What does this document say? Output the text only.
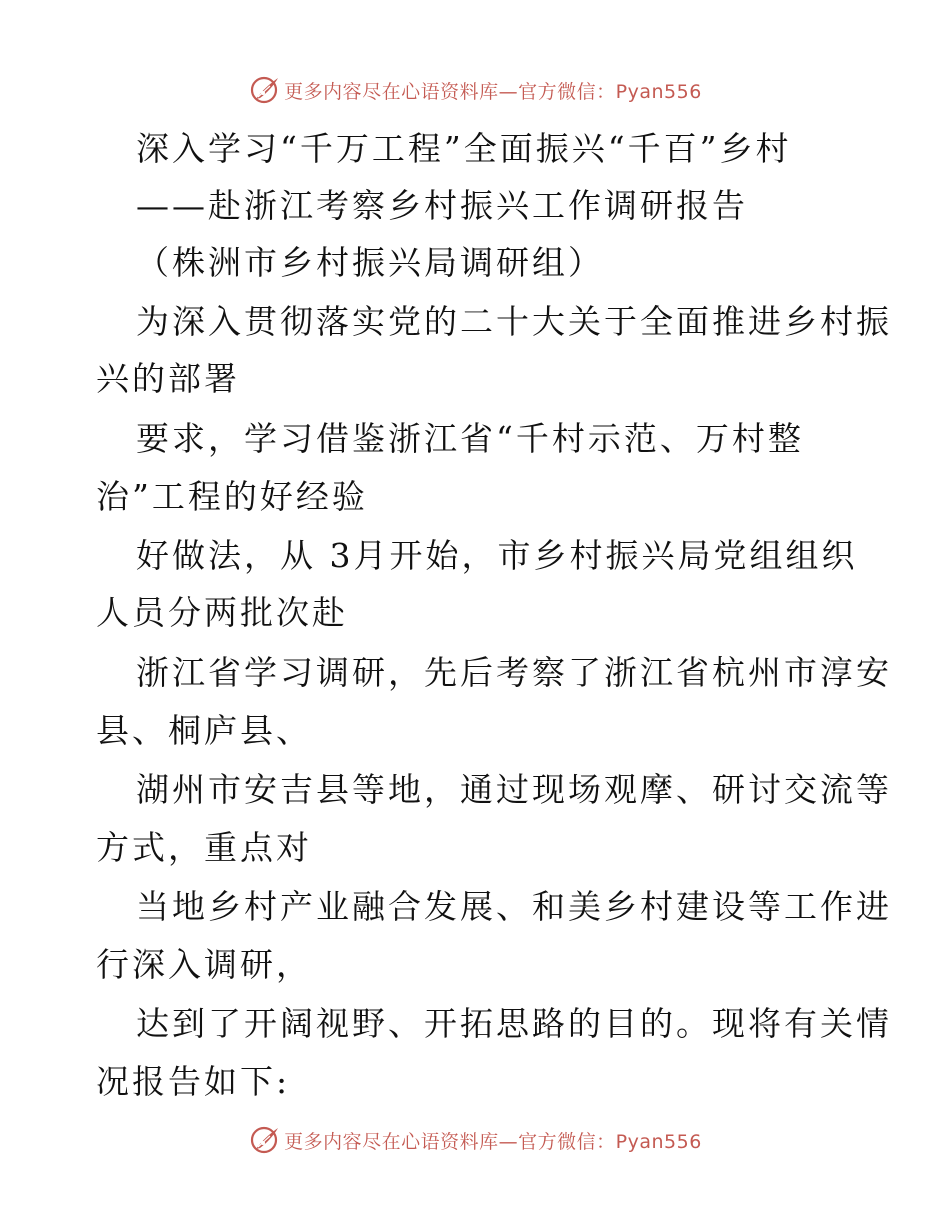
更多内容尽在心语资料库—官方微信：Pyan556
深入学习“千万工程”全面振兴“千百”乡村
——赴浙江考察乡村振兴工作调研报告
（株洲市乡村振兴局调研组）
为深入贯彻落实党的二十大关于全面推进乡村振
兴的部署
要求，学习借鉴浙江省“千村示范、万村整
治”工程的好经验
好做法，从 3月开始，市乡村振兴局党组组织
人员分两批次赴
浙江省学习调研，先后考察了浙江省杭州市淳安
县、桐庐县、
湖州市安吉县等地，通过现场观摩、研讨交流等
方式，重点对
当地乡村产业融合发展、和美乡村建设等工作进
行深入调研，
达到了开阔视野、开拓思路的目的。现将有关情
况报告如下:
更多内容尽在心语资料库—官方微信：Pyan556
